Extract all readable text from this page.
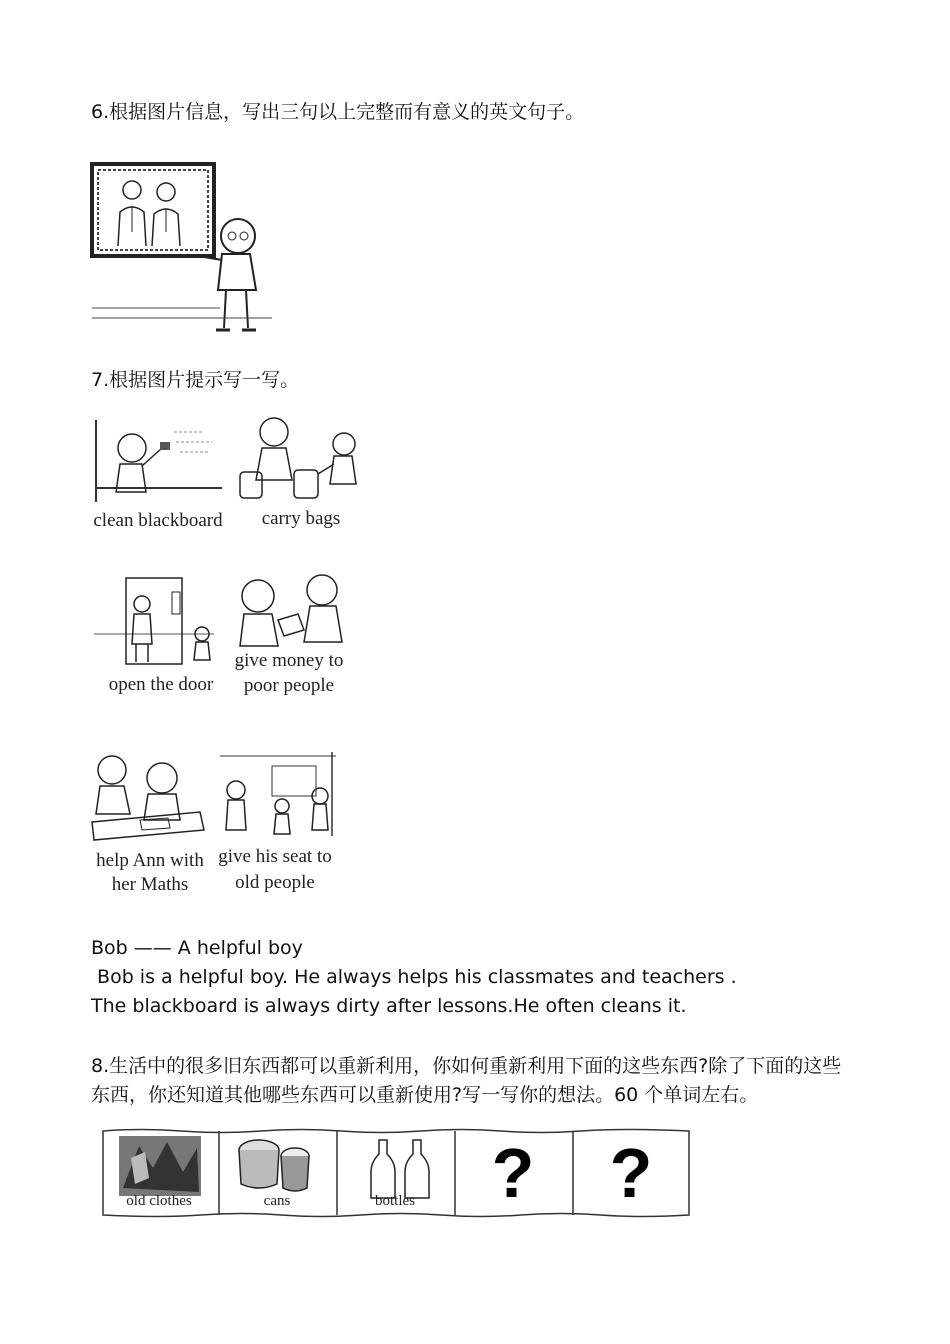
6.根据图片信息，写出三句以上完整而有意义的英文句子。
7.根据图片提示写一写。
clean blackboard	carry bags
open the door
give money to
poor people
help Ann with
her Maths
give his seat to
old people
Bob —— A helpful boy
Bob is a helpful boy. He always helps his classmates and teachers .
The blackboard is always dirty after lessons.He often cleans it.
8.生活中的很多旧东西都可以重新利用，你如何重新利用下面的这些东西?除了下面的这些
东西，你还知道其他哪些东西可以重新使用?写一写你的想法。60 个单词左右。
old clothes	cans	bottles	?	?
